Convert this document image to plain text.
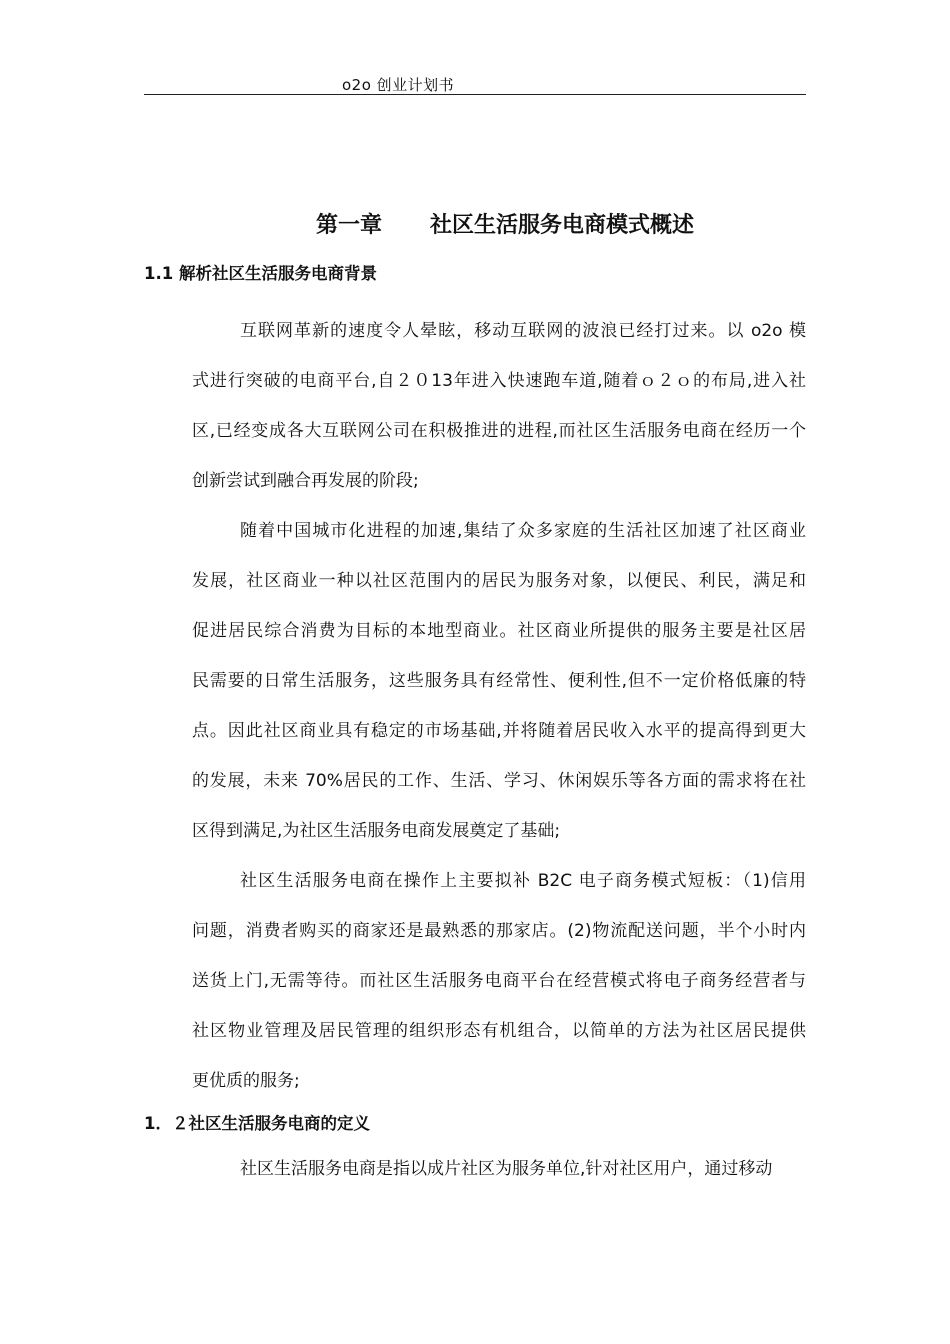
o2o 创业计划书
第一章 社区生活服务电商模式概述
1.1 解析社区生活服务电商背景
互联网革新的速度令人晕眩，移动互联网的波浪已经打过来。以 o2o 模
式进行突破的电商平台,自２０13年进入快速跑车道,随着ｏ２ｏ的布局,进入社
区,已经变成各大互联网公司在积极推进的进程,而社区生活服务电商在经历一个
创新尝试到融合再发展的阶段;
随着中国城市化进程的加速,集结了众多家庭的生活社区加速了社区商业
发展，社区商业一种以社区范围内的居民为服务对象，以便民、利民，满足和
促进居民综合消费为目标的本地型商业。社区商业所提供的服务主要是社区居
民需要的日常生活服务，这些服务具有经常性、便利性,但不一定价格低廉的特
点。因此社区商业具有稳定的市场基础,并将随着居民收入水平的提高得到更大
的发展，未来 70%居民的工作、生活、学习、休闲娱乐等各方面的需求将在社
区得到满足,为社区生活服务电商发展奠定了基础;
社区生活服务电商在操作上主要拟补 B2C 电子商务模式短板：（1)信用
问题，消费者购买的商家还是最熟悉的那家店。(2)物流配送问题，半个小时内
送货上门,无需等待。而社区生活服务电商平台在经营模式将电子商务经营者与
社区物业管理及居民管理的组织形态有机组合，以简单的方法为社区居民提供
更优质的服务;
1．２社区生活服务电商的定义
社区生活服务电商是指以成片社区为服务单位,针对社区用户，通过移动
